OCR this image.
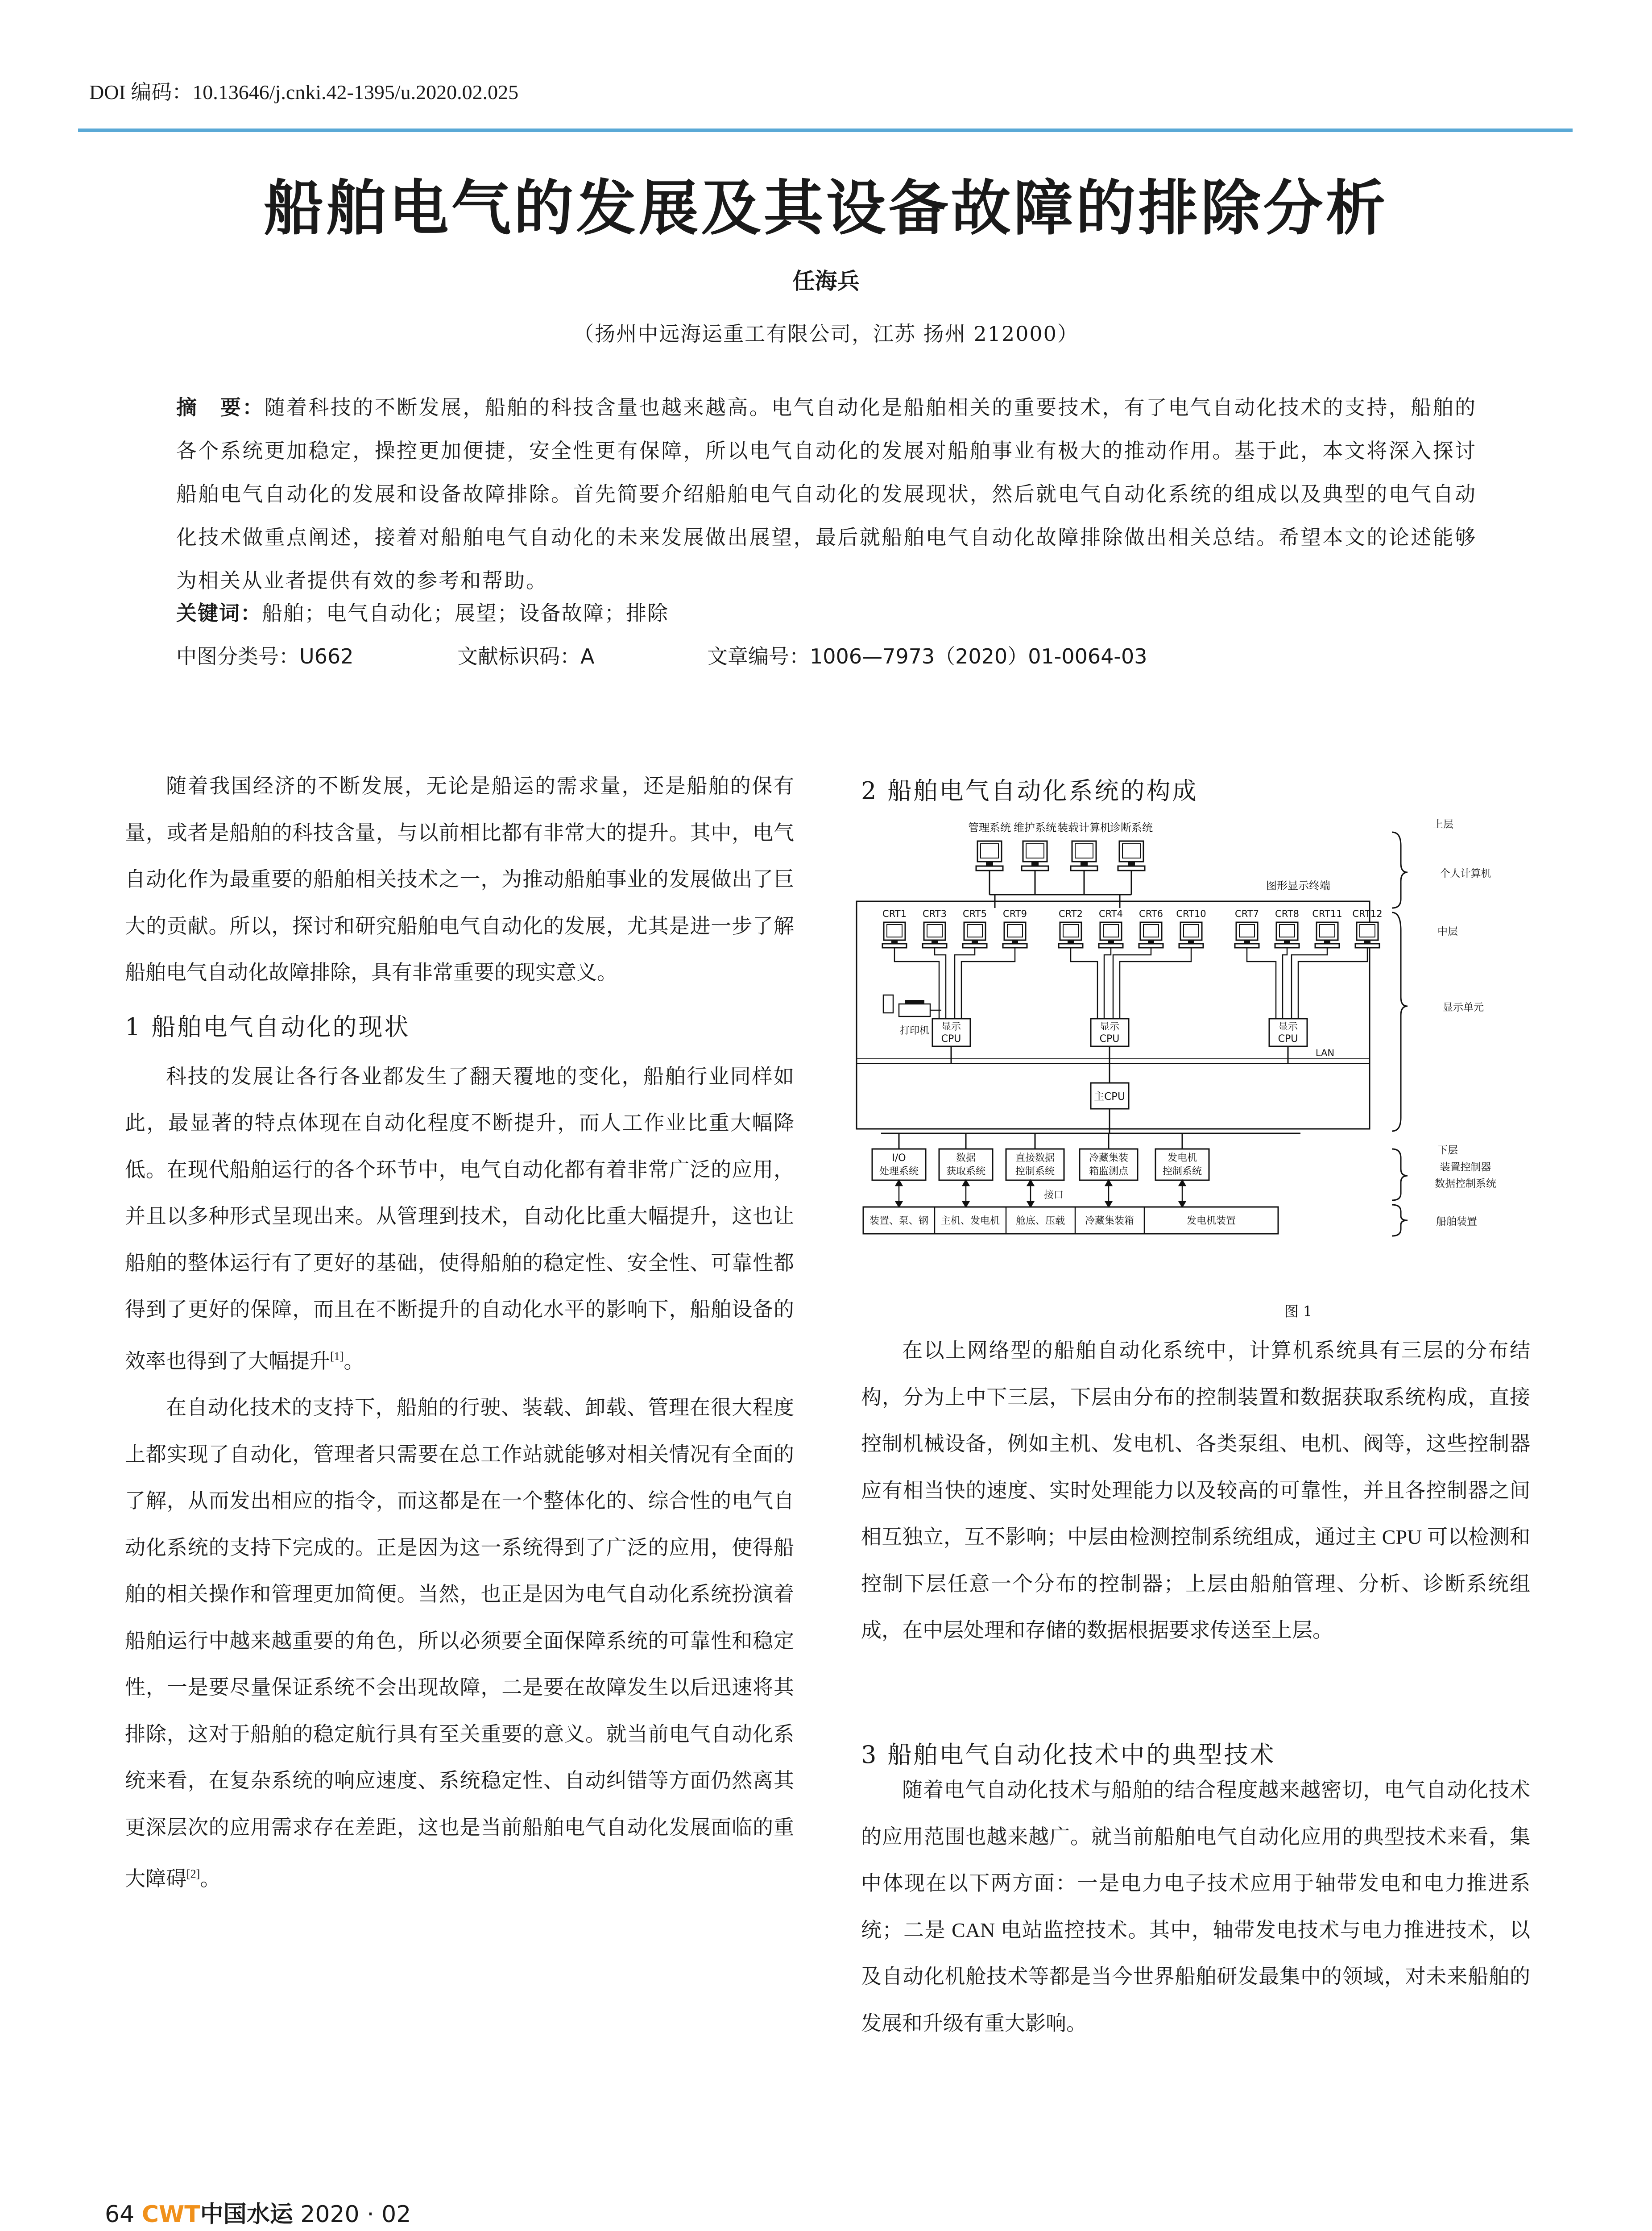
DOI 编码：10.13646/j.cnki.42-1395/u.2020.02.025
船舶电气的发展及其设备故障的排除分析
任海兵
（扬州中远海运重工有限公司，江苏 扬州 212000）
摘　要：随着科技的不断发展，船舶的科技含量也越来越高。电气自动化是船舶相关的重要技术，有了电气自动化技术的支持，船舶的各个系统更加稳定，操控更加便捷，安全性更有保障，所以电气自动化的发展对船舶事业有极大的推动作用。基于此，本文将深入探讨船舶电气自动化的发展和设备故障排除。首先简要介绍船舶电气自动化的发展现状，然后就电气自动化系统的组成以及典型的电气自动化技术做重点阐述，接着对船舶电气自动化的未来发展做出展望，最后就船舶电气自动化故障排除做出相关总结。希望本文的论述能够为相关从业者提供有效的参考和帮助。
关键词：船舶；电气自动化；展望；设备故障；排除
中图分类号：U662	文献标识码：A	文章编号：1006—7973（2020）01-0064-03

随着我国经济的不断发展，无论是船运的需求量，还是船舶的保有量，或者是船舶的科技含量，与以前相比都有非常大的提升。其中，电气自动化作为最重要的船舶相关技术之一，为推动船舶事业的发展做出了巨大的贡献。所以，探讨和研究船舶电气自动化的发展，尤其是进一步了解船舶电气自动化故障排除，具有非常重要的现实意义。

1 船舶电气自动化的现状

科技的发展让各行各业都发生了翻天覆地的变化，船舶行业同样如此，最显著的特点体现在自动化程度不断提升，而人工作业比重大幅降低。在现代船舶运行的各个环节中，电气自动化都有着非常广泛的应用，并且以多种形式呈现出来。从管理到技术，自动化比重大幅提升，这也让船舶的整体运行有了更好的基础，使得船舶的稳定性、安全性、可靠性都得到了更好的保障，而且在不断提升的自动化水平的影响下，船舶设备的效率也得到了大幅提升[1]。

在自动化技术的支持下，船舶的行驶、装载、卸载、管理在很大程度上都实现了自动化，管理者只需要在总工作站就能够对相关情况有全面的了解，从而发出相应的指令，而这都是在一个整体化的、综合性的电气自动化系统的支持下完成的。正是因为这一系统得到了广泛的应用，使得船舶的相关操作和管理更加简便。当然，也正是因为电气自动化系统扮演着船舶运行中越来越重要的角色，所以必须要全面保障系统的可靠性和稳定性，一是要尽量保证系统不会出现故障，二是要在故障发生以后迅速将其排除，这对于船舶的稳定航行具有至关重要的意义。就当前电气自动化系统来看，在复杂系统的响应速度、系统稳定性、自动纠错等方面仍然离其更深层次的应用需求存在差距，这也是当前船舶电气自动化发展面临的重大障碍[2]。

2 船舶电气自动化系统的构成
管理系统 维护系统 装载计算机
诊断系统
图形显示终端
CRT1 CRT3 CRT5 CRT9	CRT2 CRT4 CRT6 CRT10	CRT7 CRT8 CRT11 CRT12
打印机 显示
CPU
显示
CPU
显示
CPU
LAN
主CPU
I/O
处理系统
数据
获取系统
直接数据
控制系统
冷藏集装
箱监测点
发电机
控制系统
接口
装置、泵、钢 主机、发电机 舱底、压载 冷藏集装箱	发电机装置
上层
个人计算机
中层
显示单元
下层
装置控制器
数据控制系统
船舶装置
图 1

在以上网络型的船舶自动化系统中，计算机系统具有三层的分布结构，分为上中下三层，下层由分布的控制装置和数据获取系统构成，直接控制机械设备，例如主机、发电机、各类泵组、电机、阀等，这些控制器应有相当快的速度、实时处理能力以及较高的可靠性，并且各控制器之间相互独立，互不影响；中层由检测控制系统组成，通过主 CPU 可以检测和控制下层任意一个分布的控制器；上层由船舶管理、分析、诊断系统组成，在中层处理和存储的数据根据要求传送至上层。

3 船舶电气自动化技术中的典型技术

随着电气自动化技术与船舶的结合程度越来越密切，电气自动化技术的应用范围也越来越广。就当前船舶电气自动化应用的典型技术来看，集中体现在以下两方面：一是电力电子技术应用于轴带发电和电力推进系统；二是 CAN 电站监控技术。其中，轴带发电技术与电力推进技术，以及自动化机舱技术等都是当今世界船舶研发最集中的领域，对未来船舶的发展和升级有重大影响。

64 CWT中国水运 2020 · 02
